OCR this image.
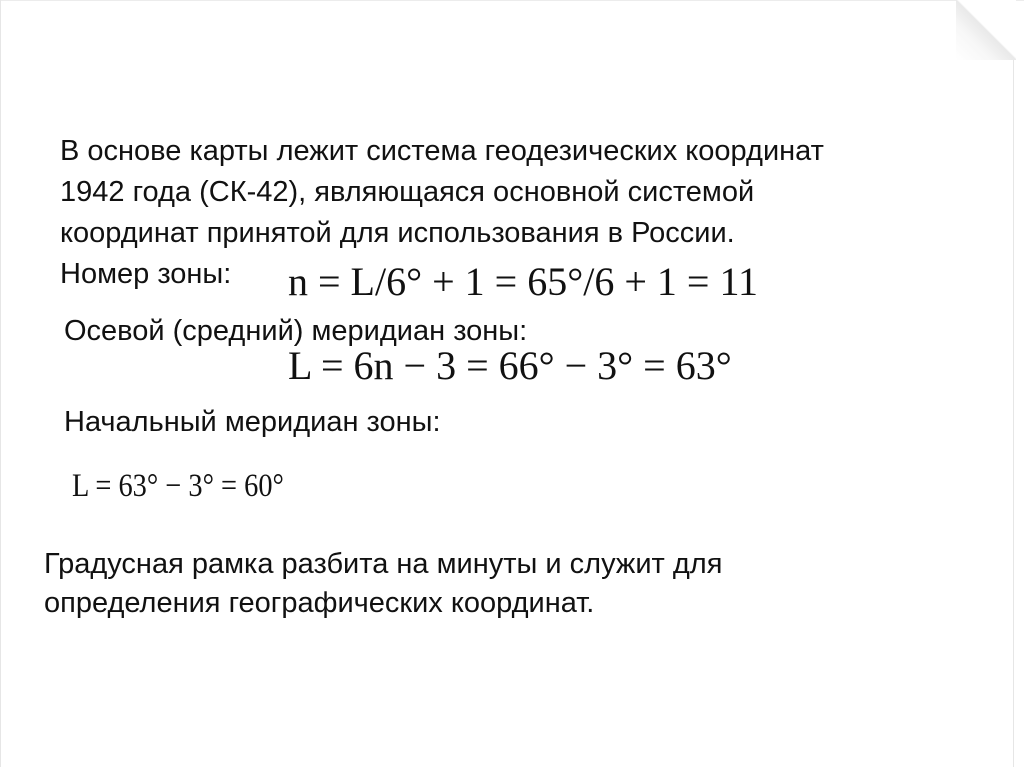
В основе карты лежит система геодезических координат
1942 года (СК-42), являющаяся основной системой
координат принятой для использования в России.
Номер зоны: n = L/6° + 1 = 65°/6 + 1 = 11
Осевой (средний) меридиан зоны:
L = 6n − 3 = 66° − 3° = 63°
Начальный меридиан зоны:
L = 63° − 3° = 60°
Градусная рамка разбита на минуты и служит для
определения географических координат.
